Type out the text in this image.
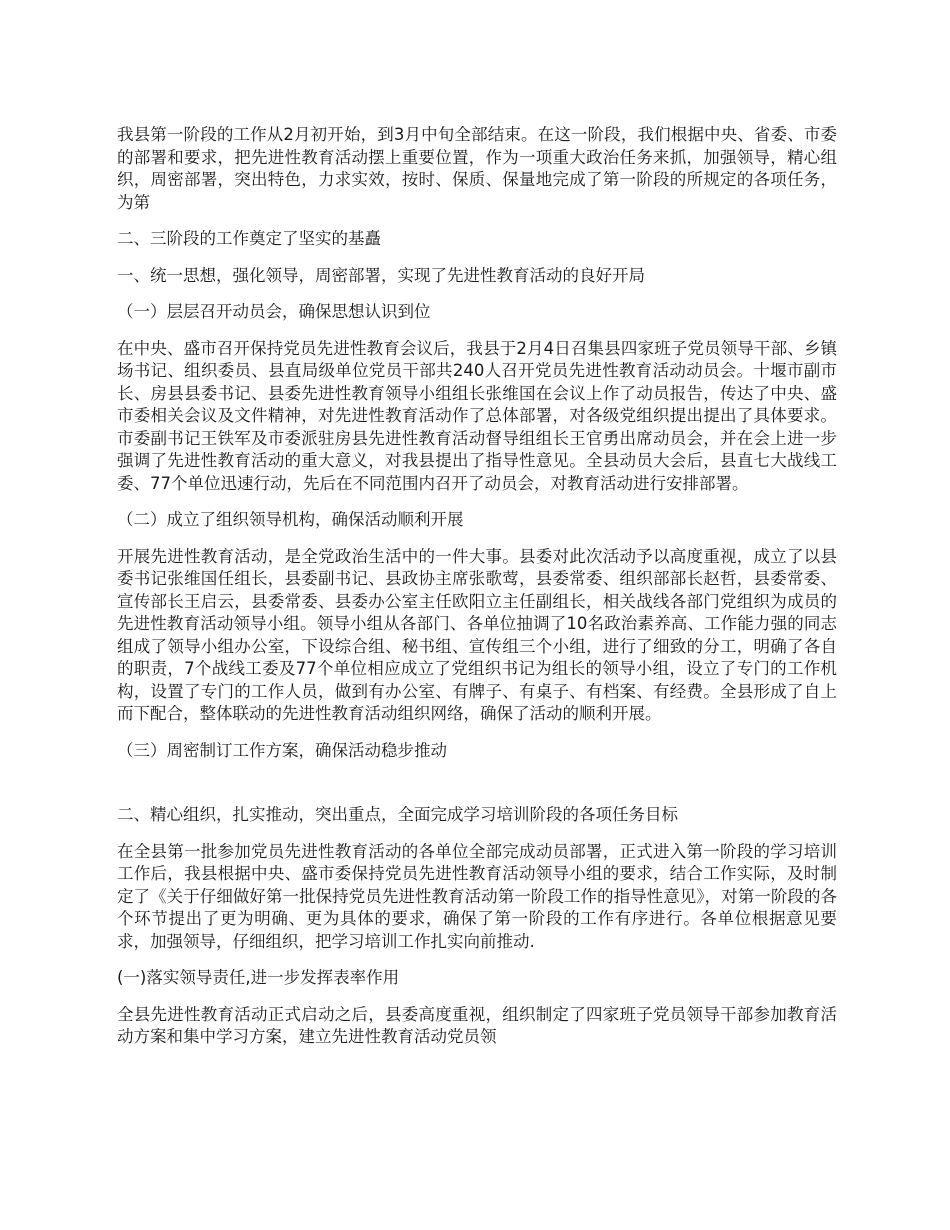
我县第一阶段的工作从2月初开始，到3月中旬全部结束。在这一阶段，我们根据中央、省委、市委的部署和要求，把先进性教育活动摆上重要位置，作为一项重大政治任务来抓，加强领导，精心组织，周密部署，突出特色，力求实效，按时、保质、保量地完成了第一阶段的所规定的各项任务，为第

二、三阶段的工作奠定了坚实的基矗

一、统一思想，强化领导，周密部署，实现了先进性教育活动的良好开局

（一）层层召开动员会，确保思想认识到位

在中央、盛市召开保持党员先进性教育会议后，我县于2月4日召集县四家班子党员领导干部、乡镇场书记、组织委员、县直局级单位党员干部共240人召开党员先进性教育活动动员会。十堰市副市长、房县县委书记、县委先进性教育领导小组组长张维国在会议上作了动员报告，传达了中央、盛市委相关会议及文件精神，对先进性教育活动作了总体部署，对各级党组织提出提出了具体要求。市委副书记王铁军及市委派驻房县先进性教育活动督导组组长王官勇出席动员会，并在会上进一步强调了先进性教育活动的重大意义，对我县提出了指导性意见。全县动员大会后，县直七大战线工委、77个单位迅速行动，先后在不同范围内召开了动员会，对教育活动进行安排部署。

（二）成立了组织领导机构，确保活动顺利开展

开展先进性教育活动，是全党政治生活中的一件大事。县委对此次活动予以高度重视，成立了以县委书记张维国任组长，县委副书记、县政协主席张歌莺，县委常委、组织部部长赵哲，县委常委、宣传部长王启云，县委常委、县委办公室主任欧阳立主任副组长，相关战线各部门党组织为成员的先进性教育活动领导小组。领导小组从各部门、各单位抽调了10名政治素养高、工作能力强的同志组成了领导小组办公室，下设综合组、秘书组、宣传组三个小组，进行了细致的分工，明确了各自的职责，7个战线工委及77个单位相应成立了党组织书记为组长的领导小组，设立了专门的工作机构，设置了专门的工作人员，做到有办公室、有牌子、有桌子、有档案、有经费。全县形成了自上而下配合，整体联动的先进性教育活动组织网络，确保了活动的顺利开展。

（三）周密制订工作方案，确保活动稳步推动

二、精心组织，扎实推动，突出重点，全面完成学习培训阶段的各项任务目标

在全县第一批参加党员先进性教育活动的各单位全部完成动员部署，正式进入第一阶段的学习培训工作后，我县根据中央、盛市委保持党员先进性教育活动领导小组的要求，结合工作实际，及时制定了《关于仔细做好第一批保持党员先进性教育活动第一阶段工作的指导性意见》，对第一阶段的各个环节提出了更为明确、更为具体的要求，确保了第一阶段的工作有序进行。各单位根据意见要求，加强领导，仔细组织，把学习培训工作扎实向前推动.

(一)落实领导责任,进一步发挥表率作用

全县先进性教育活动正式启动之后，县委高度重视，组织制定了四家班子党员领导干部参加教育活动方案和集中学习方案，建立先进性教育活动党员领
